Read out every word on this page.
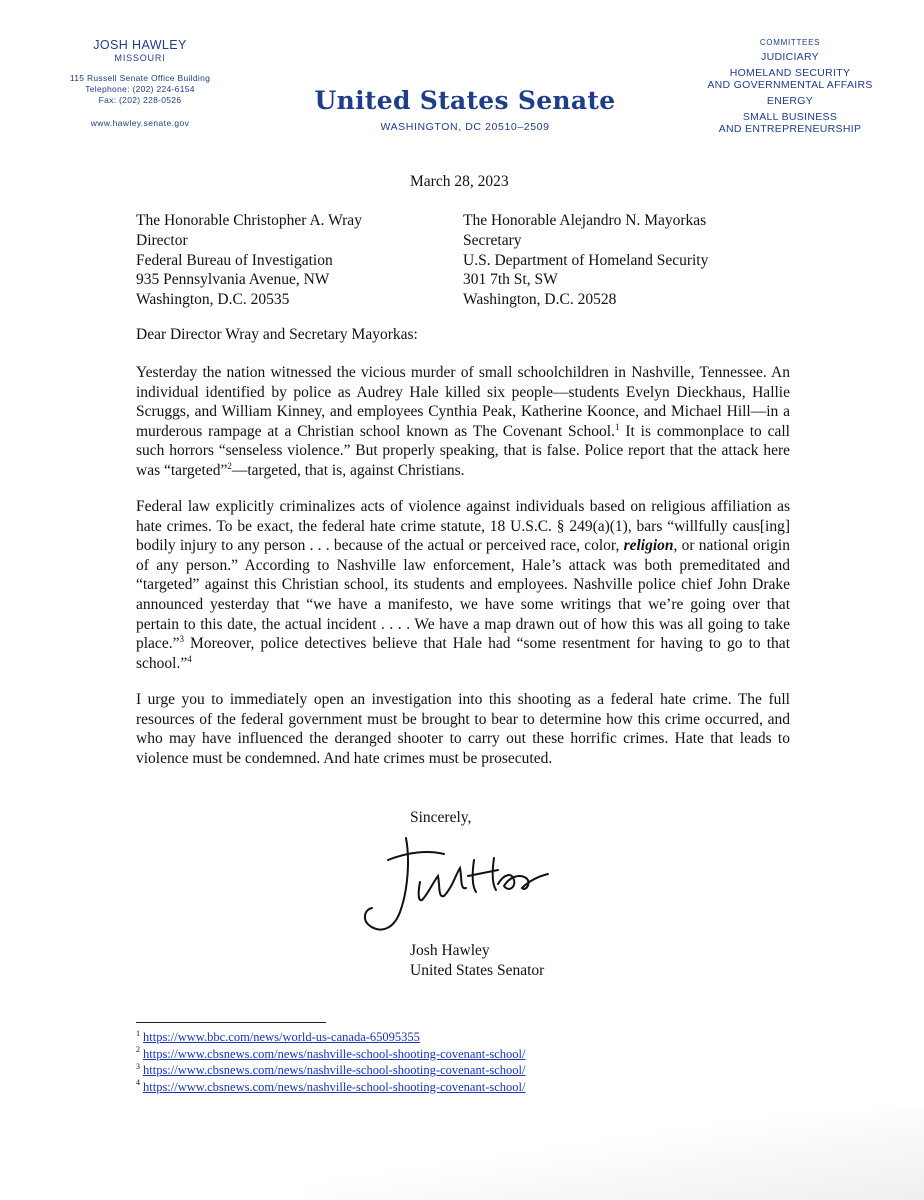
JOSH HAWLEY
MISSOURI
115 Russell Senate Office Building
Telephone: (202) 224-6154
Fax: (202) 228-0526
www.hawley.senate.gov
United States Senate
WASHINGTON, DC 20510–2509
COMMITTEES
JUDICIARY
HOMELAND SECURITY
AND GOVERNMENTAL AFFAIRS
ENERGY
SMALL BUSINESS
AND ENTREPRENEURSHIP
March 28, 2023
The Honorable Christopher A. Wray
Director
Federal Bureau of Investigation
935 Pennsylvania Avenue, NW
Washington, D.C. 20535
The Honorable Alejandro N. Mayorkas
Secretary
U.S. Department of Homeland Security
301 7th St, SW
Washington, D.C. 20528
Dear Director Wray and Secretary Mayorkas:

Yesterday the nation witnessed the vicious murder of small schoolchildren in Nashville, Tennessee. An individual identified by police as Audrey Hale killed six people—students Evelyn Dieckhaus, Hallie Scruggs, and William Kinney, and employees Cynthia Peak, Katherine Koonce, and Michael Hill—in a murderous rampage at a Christian school known as The Covenant School.$^1$ It is commonplace to call such horrors “senseless violence.” But properly speaking, that is false. Police report that the attack here was “targeted”$^2$—targeted, that is, against Christians.

Federal law explicitly criminalizes acts of violence against individuals based on religious affiliation as hate crimes. To be exact, the federal hate crime statute, 18 U.S.C. § 249(a)(1), bars “willfully caus[ing] bodily injury to any person . . . because of the actual or perceived race, color, religion, or national origin of any person.” According to Nashville law enforcement, Hale’s attack was both premeditated and “targeted” against this Christian school, its students and employees. Nashville police chief John Drake announced yesterday that “we have a manifesto, we have some writings that we’re going over that pertain to this date, the actual incident . . . . We have a map drawn out of how this was all going to take place.”$^3$ Moreover, police detectives believe that Hale had “some resentment for having to go to that school.”$^4$

I urge you to immediately open an investigation into this shooting as a federal hate crime. The full resources of the federal government must be brought to bear to determine how this crime occurred, and who may have influenced the deranged shooter to carry out these horrific crimes. Hate that leads to violence must be condemned. And hate crimes must be prosecuted.

Sincerely,
Josh Hawley
United States Senator
$^1$ https://www.bbc.com/news/world-us-canada-65095355
$^2$ https://www.cbsnews.com/news/nashville-school-shooting-covenant-school/
$^3$ https://www.cbsnews.com/news/nashville-school-shooting-covenant-school/
$^4$ https://www.cbsnews.com/news/nashville-school-shooting-covenant-school/
